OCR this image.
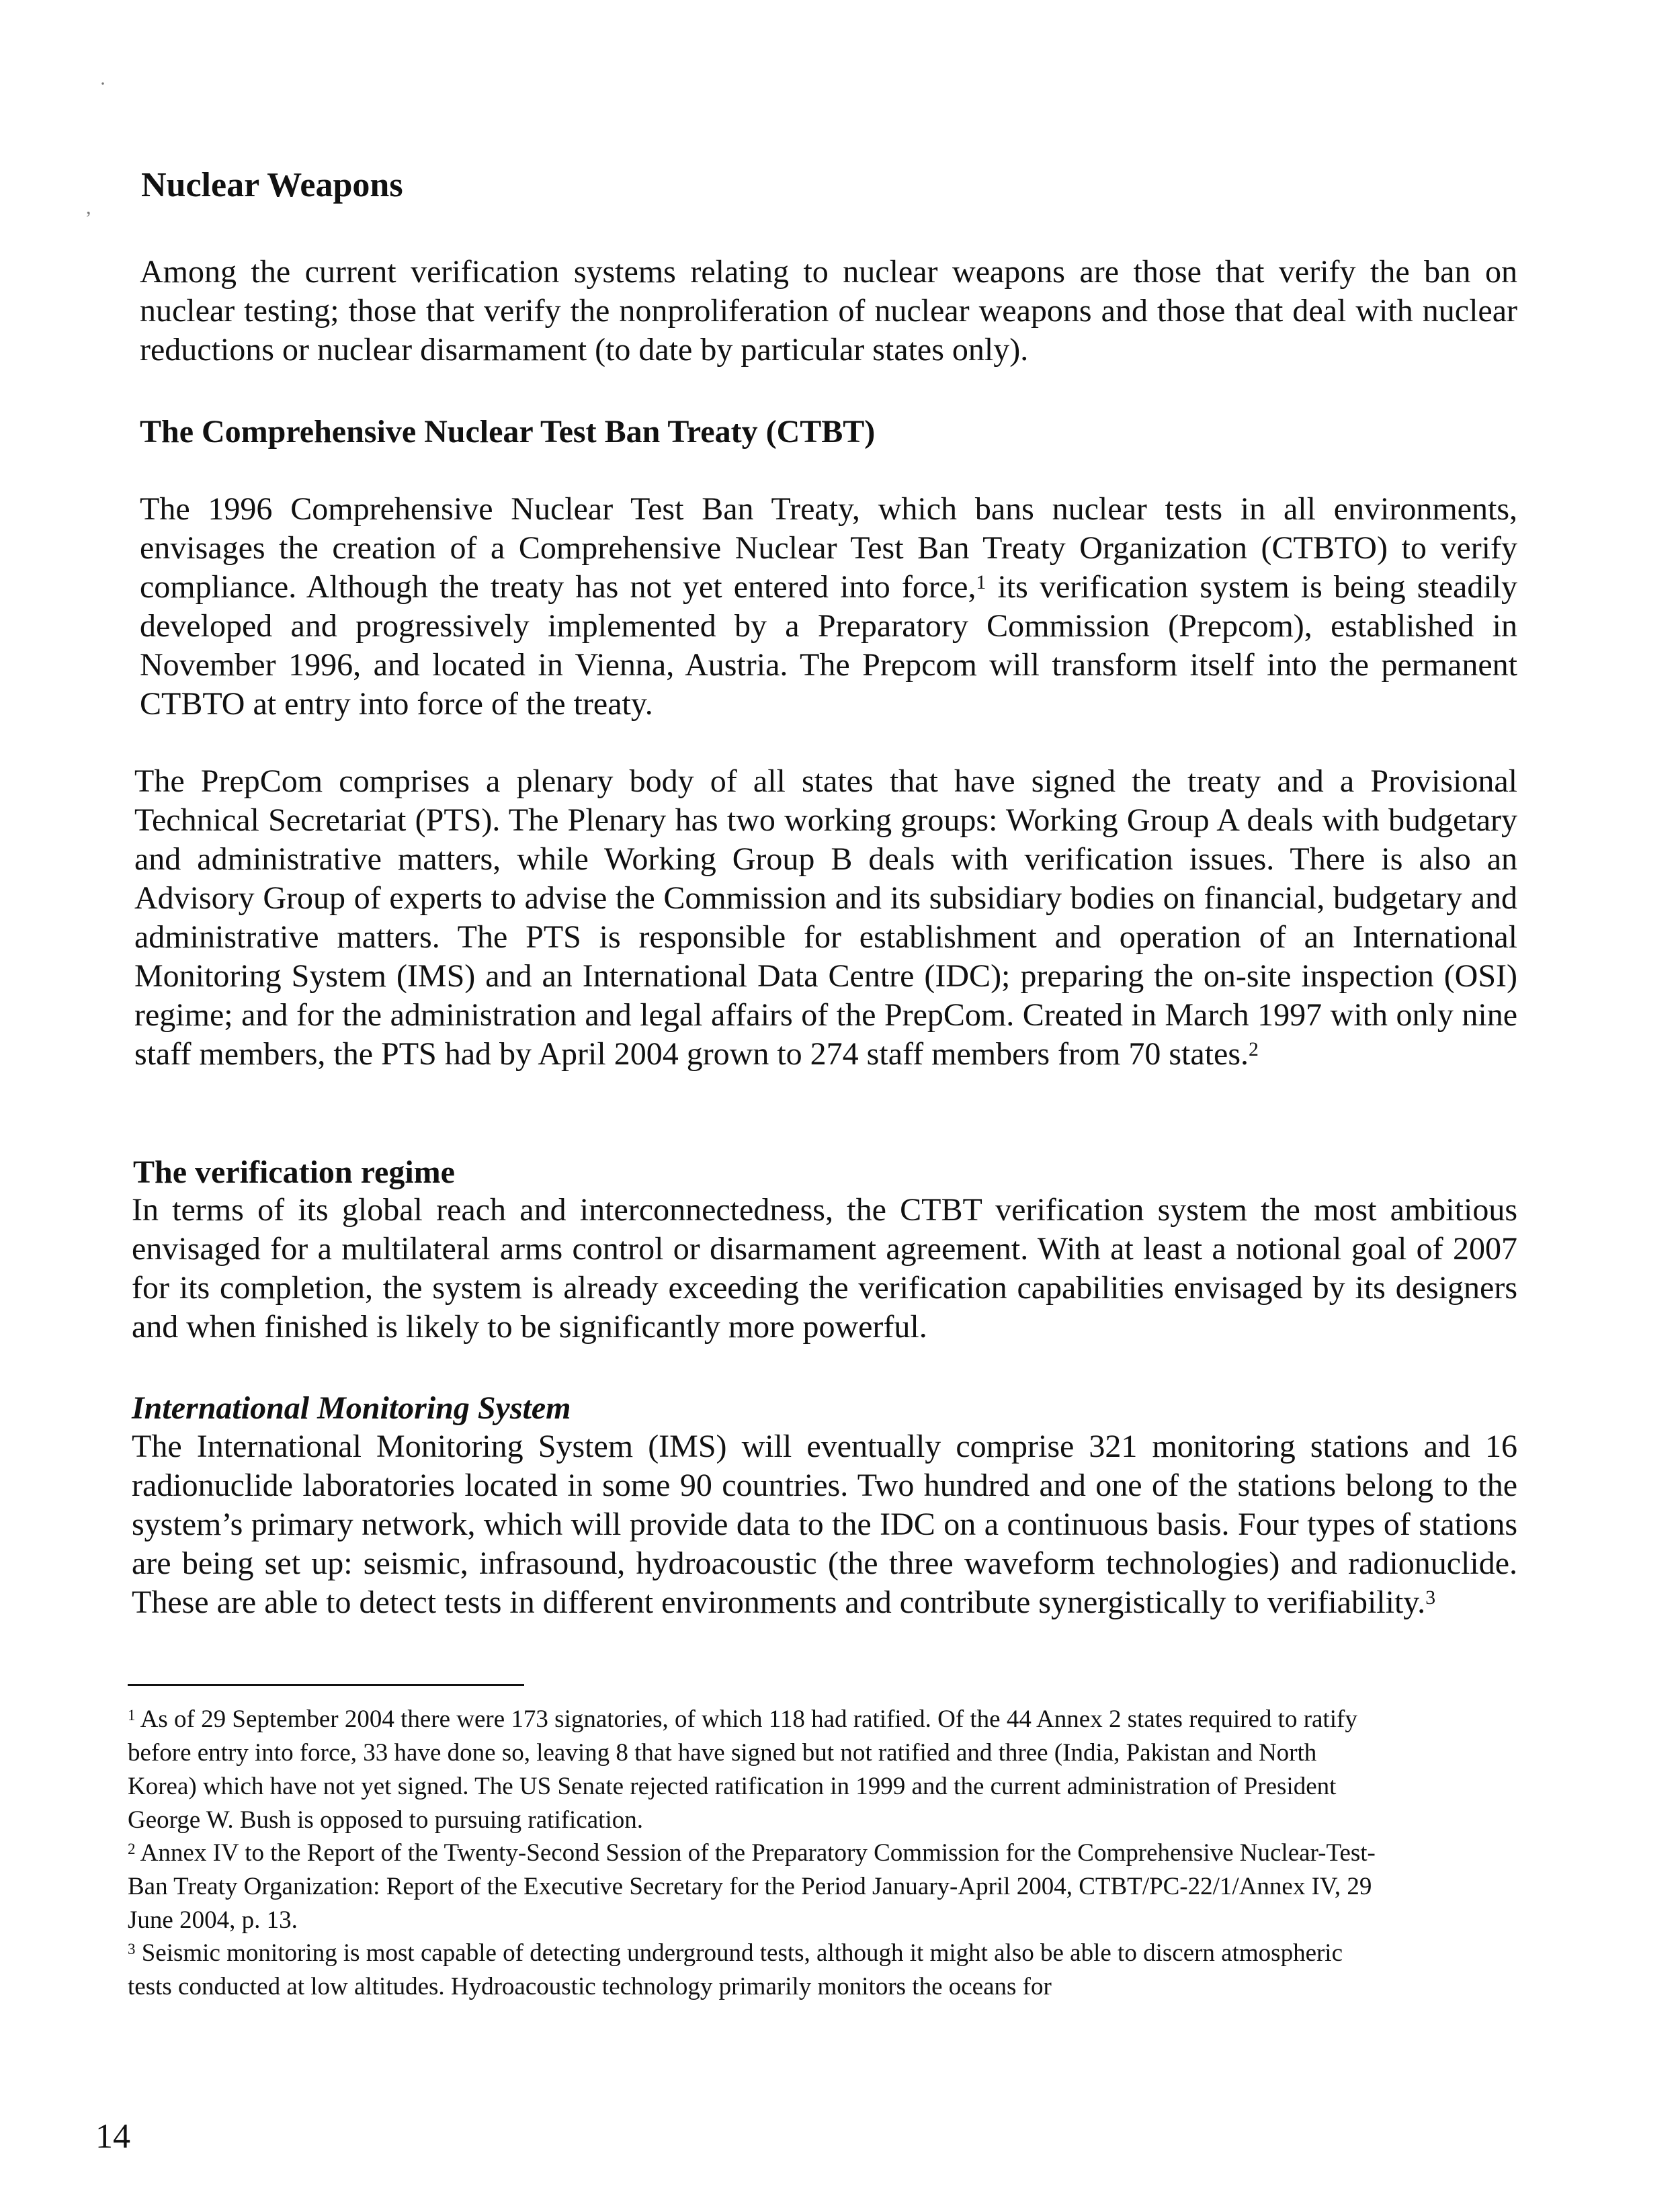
Nuclear Weapons

Among the current verification systems relating to nuclear weapons are those that verify the ban on nuclear testing; those that verify the nonproliferation of nuclear weapons and those that deal with nuclear reductions or nuclear disarmament (to date by particular states only).

The Comprehensive Nuclear Test Ban Treaty (CTBT)

The 1996 Comprehensive Nuclear Test Ban Treaty, which bans nuclear tests in all environments, envisages the creation of a Comprehensive Nuclear Test Ban Treaty Organization (CTBTO) to verify compliance. Although the treaty has not yet entered into force,$^1$ its verification system is being steadily developed and progressively implemented by a Preparatory Commission (Prepcom), established in November 1996, and located in Vienna, Austria. The Prepcom will transform itself into the permanent CTBTO at entry into force of the treaty.

The PrepCom comprises a plenary body of all states that have signed the treaty and a Provisional Technical Secretariat (PTS). The Plenary has two working groups: Working Group A deals with budgetary and administrative matters, while Working Group B deals with verification issues. There is also an Advisory Group of experts to advise the Commission and its subsidiary bodies on financial, budgetary and administrative matters. The PTS is responsible for establishment and operation of an International Monitoring System (IMS) and an International Data Centre (IDC); preparing the on-site inspection (OSI) regime; and for the administration and legal affairs of the PrepCom. Created in March 1997 with only nine staff members, the PTS had by April 2004 grown to 274 staff members from 70 states.$^2$

The verification regime

In terms of its global reach and interconnectedness, the CTBT verification system the most ambitious envisaged for a multilateral arms control or disarmament agreement. With at least a notional goal of 2007 for its completion, the system is already exceeding the verification capabilities envisaged by its designers and when finished is likely to be significantly more powerful.

International Monitoring System

The International Monitoring System (IMS) will eventually comprise 321 monitoring stations and 16 radionuclide laboratories located in some 90 countries. Two hundred and one of the stations belong to the system’s primary network, which will provide data to the IDC on a continuous basis. Four types of stations are being set up: seismic, infrasound, hydroacoustic (the three waveform technologies) and radionuclide. These are able to detect tests in different environments and contribute synergistically to verifiability.$^3$

$^1$ As of 29 September 2004 there were 173 signatories, of which 118 had ratified. Of the 44 Annex 2 states required to ratify before entry into force, 33 have done so, leaving 8 that have signed but not ratified and three (India, Pakistan and North Korea) which have not yet signed. The US Senate rejected ratification in 1999 and the current administration of President George W. Bush is opposed to pursuing ratification.

$^2$ Annex IV to the Report of the Twenty-Second Session of the Preparatory Commission for the Comprehensive Nuclear-Test-Ban Treaty Organization: Report of the Executive Secretary for the Period January-April 2004, CTBT/PC-22/1/Annex IV, 29 June 2004, p. 13.

$^3$ Seismic monitoring is most capable of detecting underground tests, although it might also be able to discern atmospheric tests conducted at low altitudes. Hydroacoustic technology primarily monitors the oceans for

14

,
·
